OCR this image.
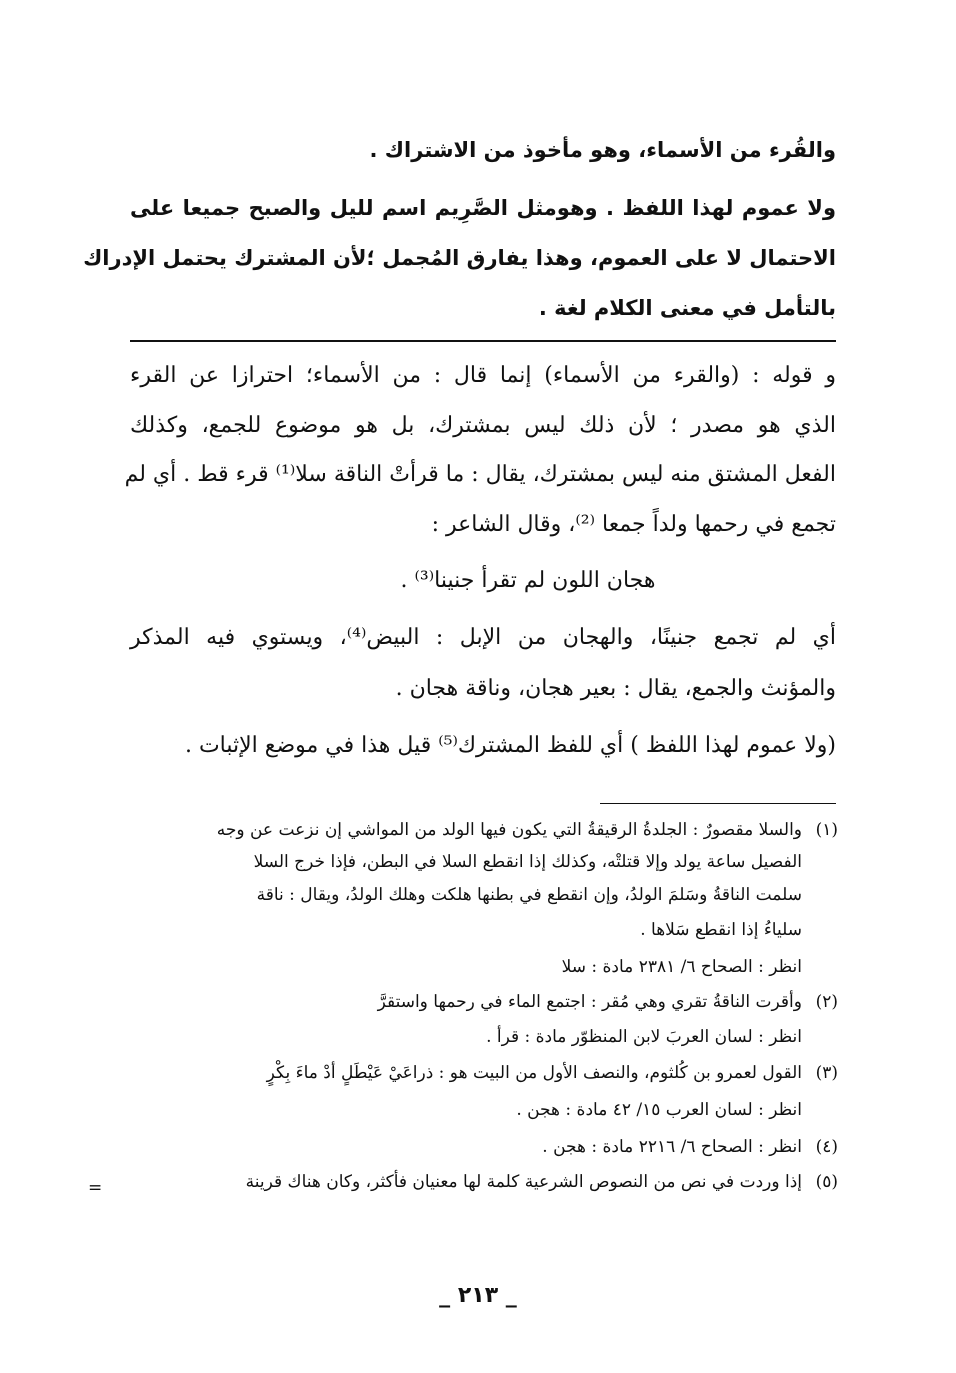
والقُرء من الأسماء، وهو مأخوذ من الاشتراك .
ولا عموم لهذا اللفظ . وهومثل الصَّرِيم اسم لليل والصبح جميعا على
الاحتمال لا على العموم، وهذا يفارق المُجمل ؛لأن المشترك يحتمل الإدراك
بالتأمل في معنى الكلام لغة .
و قوله : (والقرء من الأسماء) إنما قال : من الأسماء؛ احترازا عن القرء
الذي هو مصدر ؛ لأن ذلك ليس بمشترك، بل هو موضوع للجمع، وكذلك
الفعل المشتق منه ليس بمشترك، يقال : ما قرأتْ الناقة سلا⁽¹⁾ قرء قط . أي لم
تجمع في رحمها ولداً جمعا ⁽²⁾، وقال الشاعر :
هجان اللون لم تقرأ جنينا⁽³⁾ .
أي لم تجمع جنينًا، والهجان من الإبل : البيض⁽⁴⁾، ويستوي فيه المذكر
والمؤنث والجمع، يقال : بعير هجان، وناقة هجان .
(ولا عموم لهذا اللفظ ) أي للفظ المشترك⁽⁵⁾ قيل هذا في موضع الإثبات .
(١)والسلا مقصورٌ : الجلدةُ الرقيقةُ التي يكون فيها الولد من المواشي إن نزعت عن وجه
الفصيل ساعة يولد وإلا قتلتْه، وكذلك إذا انقطع السلا في البطن، فإذا خرج السلا
سلمت الناقةُ وسَلمَ الولدُ، وإن انقطع في بطنها هلكت وهلك الولدُ، ويقال : ناقة
سلياءُ إذا انقطع سَلاها .
انظر : الصحاح ٦/ ٢٣٨١ مادة : سلا
(٢)وأقرت الناقةُ تقري وهي مُقر : اجتمع الماء في رحمها واستقرَّ
انظر : لسان العربَ لابن المنظوّر مادة : قرأ .
(٣)القول لعمرو بن كُلثوم، والنصف الأول من البيت هو : ذراعَيْ عَيْطَلٍ أدْ ماءَ بِكْرٍ
انظر : لسان العرب ١٥/ ٤٢ مادة : هجن .
(٤)انظر : الصحاح ٦/ ٢٢١٦ مادة : هجن .
(٥)إذا وردت في نص من النصوص الشرعية كلمة لها معنيان فأكثر، وكان هناك قرينة
=
_ ٢١٣ _
